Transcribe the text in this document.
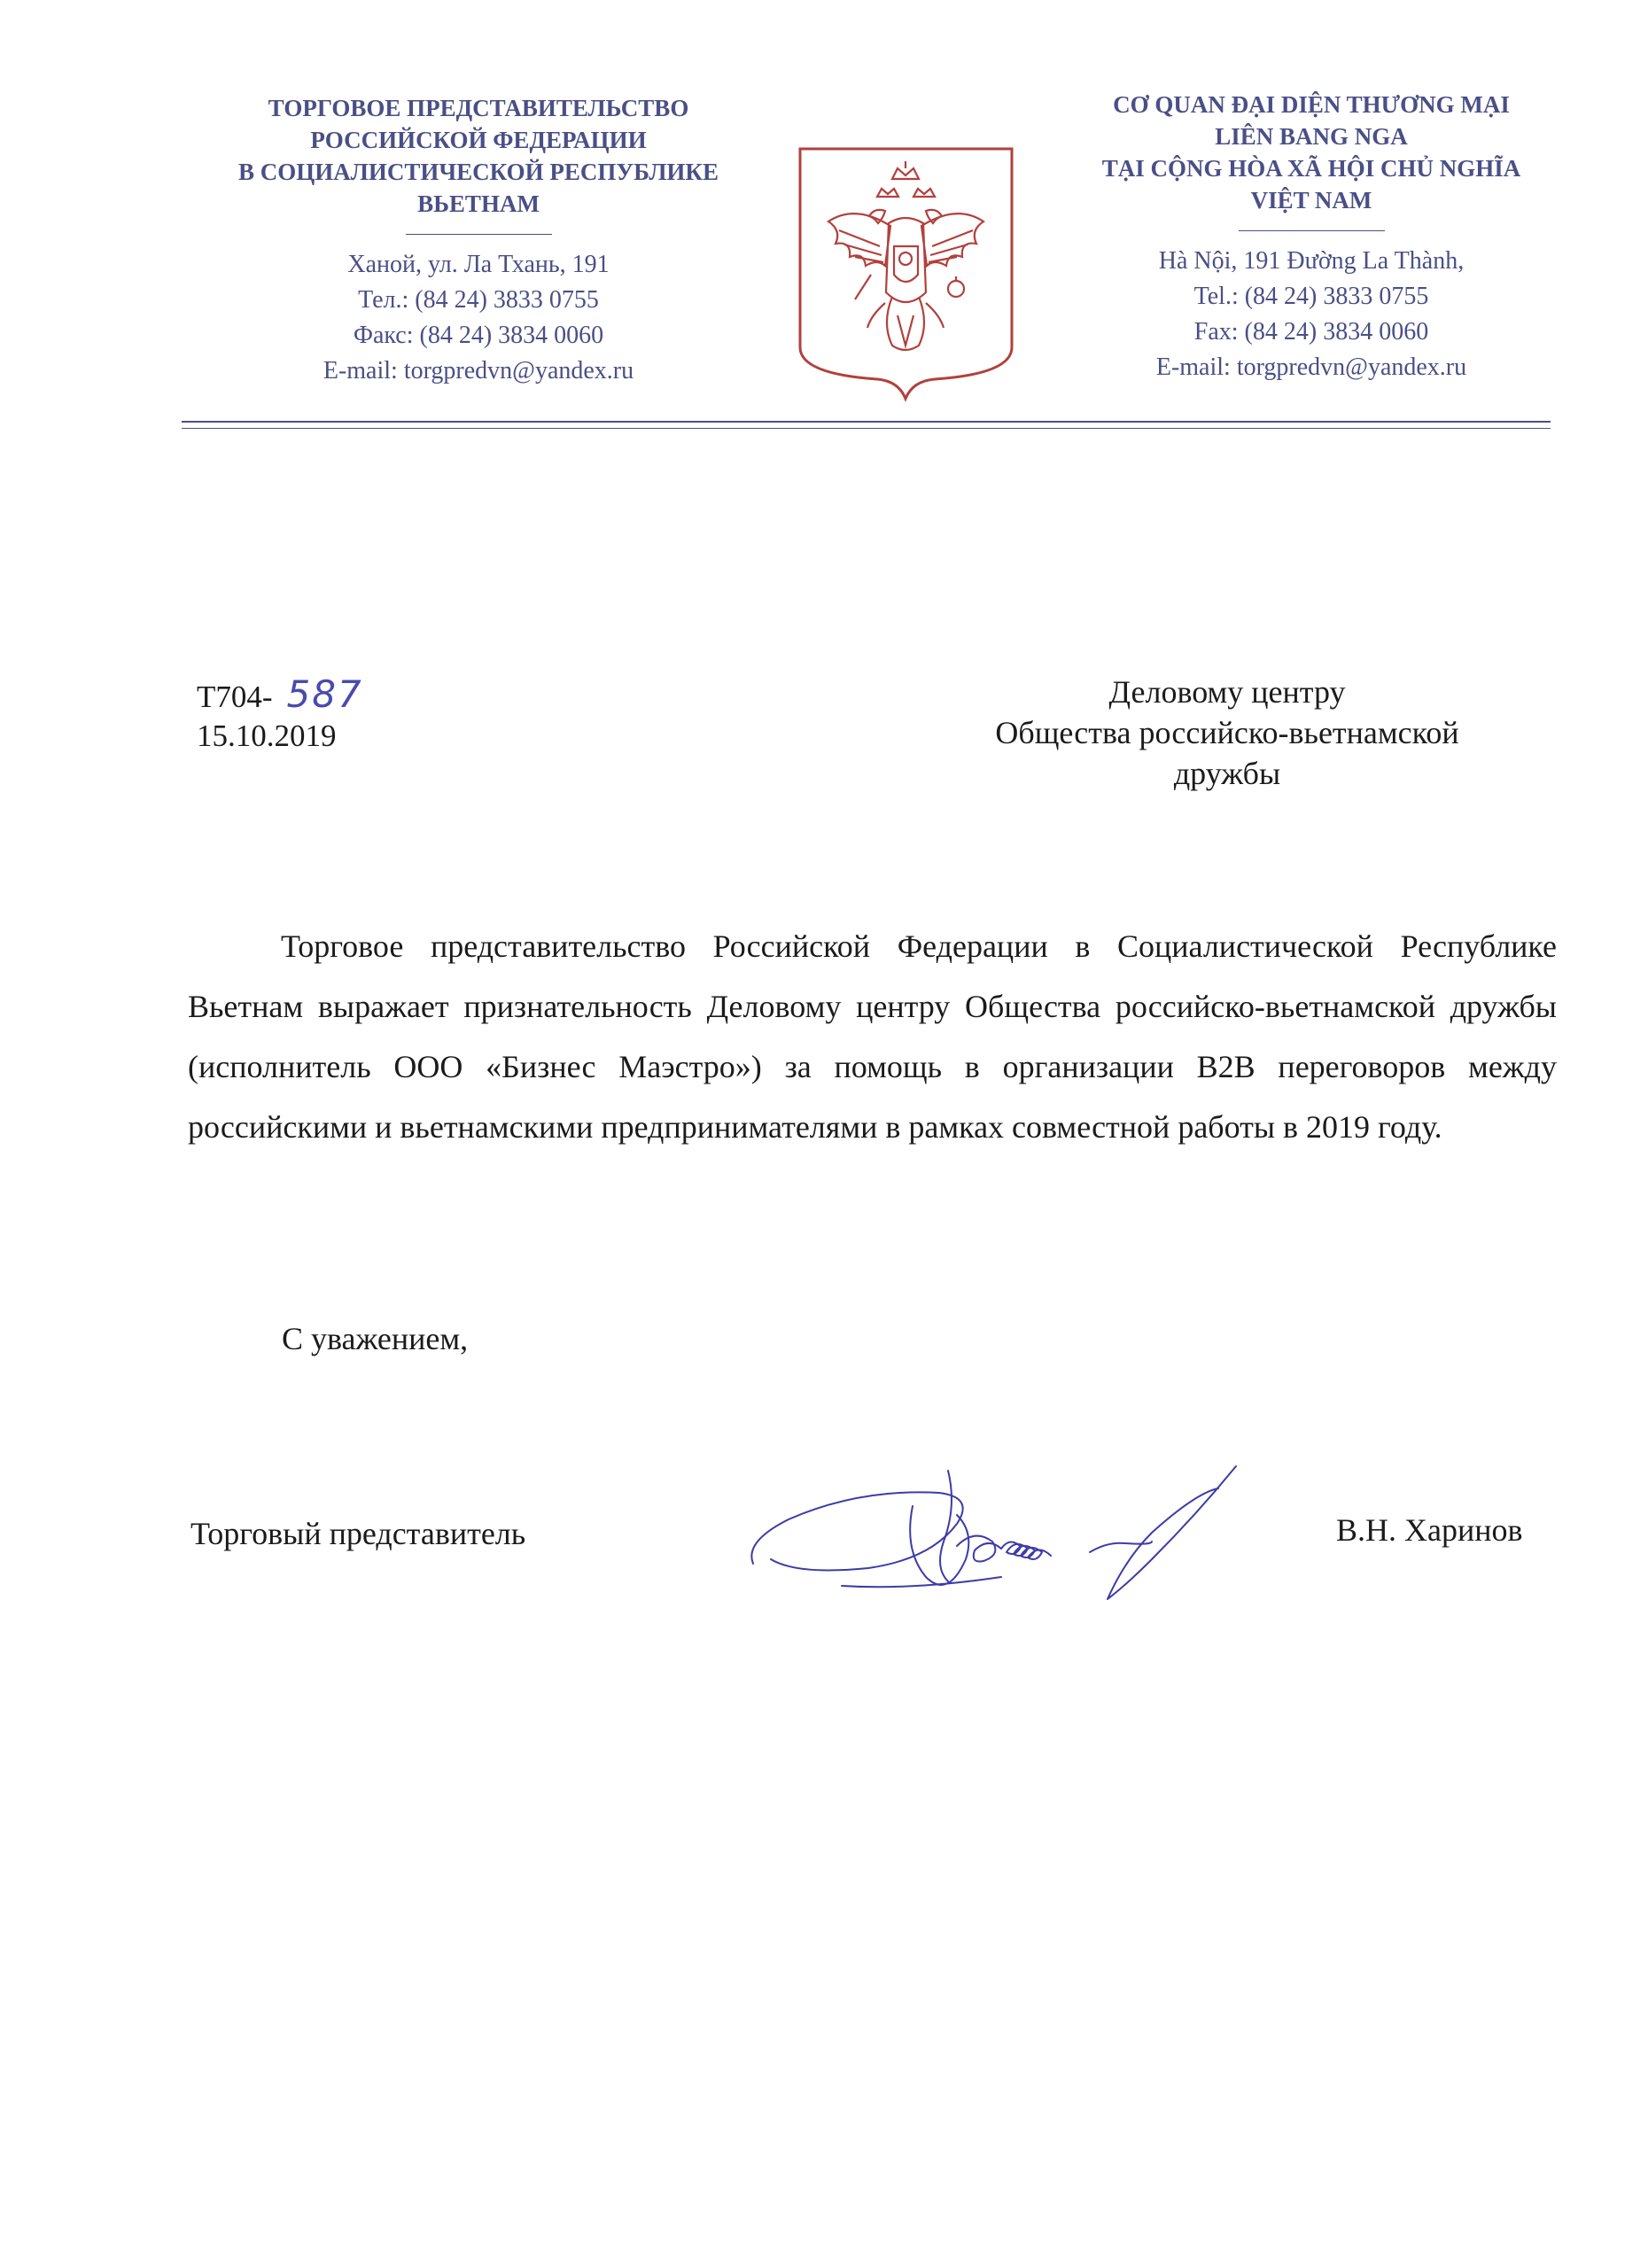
ТОРГОВОЕ ПРЕДСТАВИТЕЛЬСТВО
РОССИЙСКОЙ ФЕДЕРАЦИИ
В СОЦИАЛИСТИЧЕСКОЙ РЕСПУБЛИКЕ
ВЬЕТНАМ
Ханой, ул. Ла Тхань, 191
Тел.: (84 24) 3833 0755
Факс: (84 24) 3834 0060
E-mail: torgpredvn@yandex.ru
CƠ QUAN ĐẠI DIỆN THƯƠNG MẠI
LIÊN BANG NGA
TẠI CỘNG HÒA XÃ HỘI CHỦ NGHĨA
VIỆT NAM
Hà Nội, 191 Đường La Thành,
Tel.: (84 24) 3833 0755
Fax: (84 24) 3834 0060
E-mail: torgpredvn@yandex.ru
Т704- 587
15.10.2019
Деловому центру
Общества российско-вьетнамской
дружбы
Торговое представительство Российской Федерации в Социалистической Республике Вьетнам выражает признательность Деловому центру Общества российско-вьетнамской дружбы (исполнитель ООО «Бизнес Маэстро») за помощь в организации B2B переговоров между российскими и вьетнамскими предпринимателями в рамках совместной работы в 2019 году.
С уважением,
Торговый представитель	В.Н. Харинов
